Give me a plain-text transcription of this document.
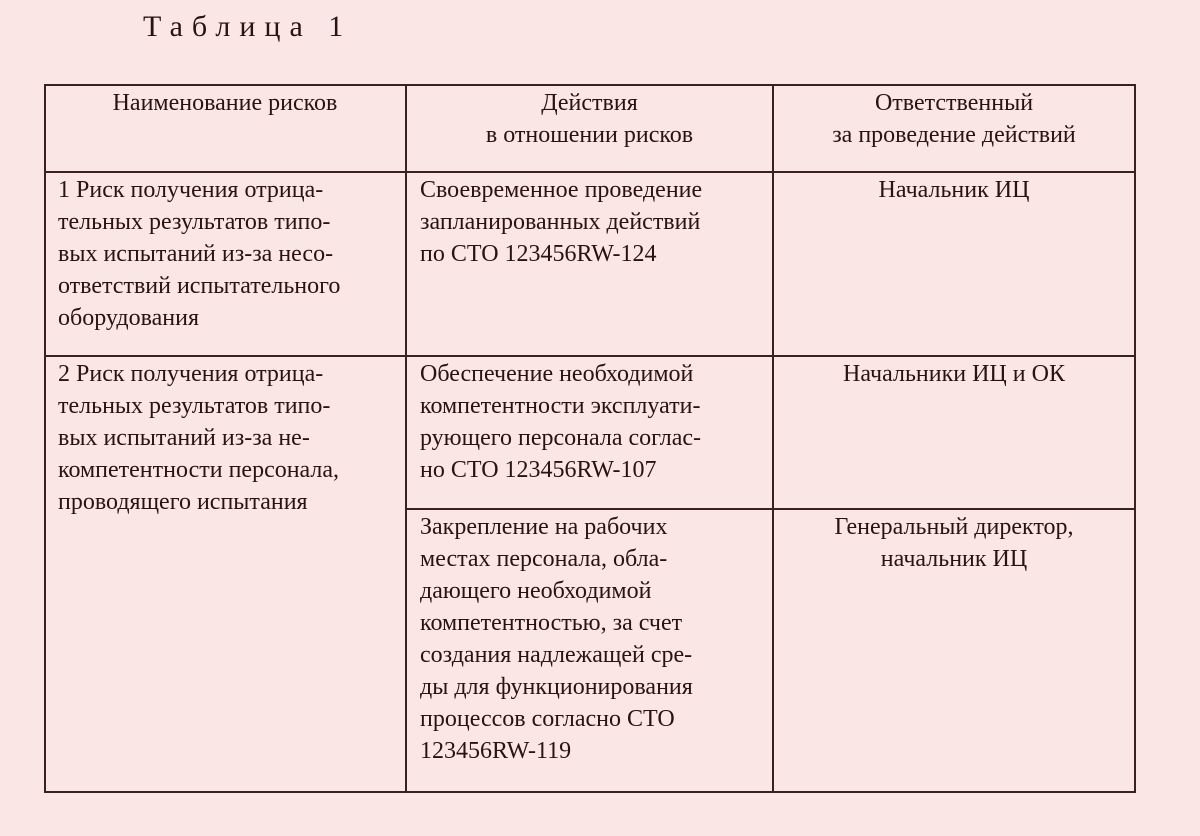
Таблица 1
Наименование рисков	Действия
в отношении рисков
Ответственный
за проведение действий
1 Риск получения отрица-
тельных результатов типо-
вых испытаний из-за несо-
ответствий испытательного
оборудования
Своевременное проведение
запланированных действий
по СТО 123456RW-124
Начальник ИЦ
2 Риск получения отрица-
тельных результатов типо-
вых испытаний из-за не-
компетентности персонала,
проводящего испытания
Обеспечение необходимой
компетентности эксплуати-
рующего персонала соглас-
но СТО 123456RW-107
Начальники ИЦ и ОК
Закрепление на рабочих
местах персонала, обла-
дающего необходимой
компетентностью, за счет
создания надлежащей сре-
ды для функционирования
процессов согласно СТО
123456RW-119
Генеральный директор,
начальник ИЦ
